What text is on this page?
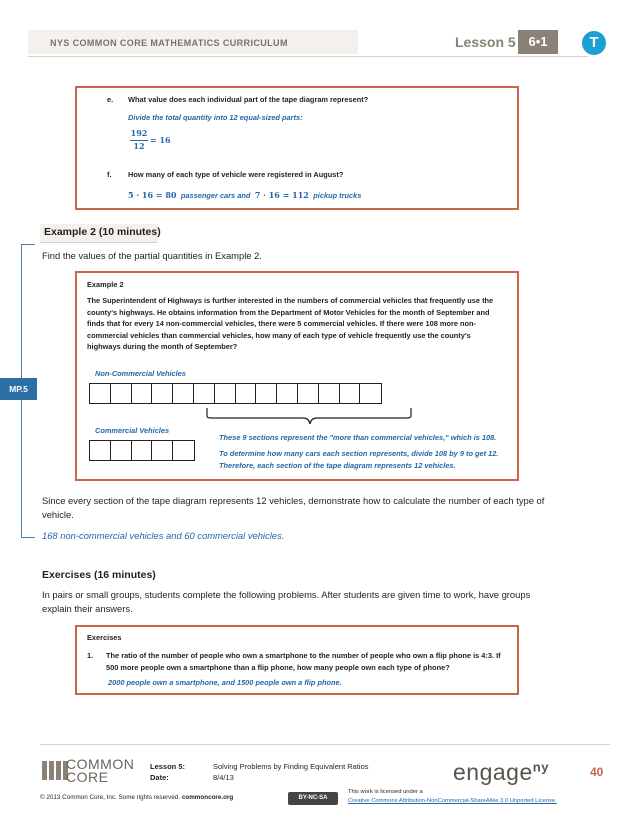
NYS COMMON CORE MATHEMATICS CURRICULUM	Lesson 5 6•1	T
e. What value does each individual part of the tape diagram represent?
Divide the total quantity into 12 equal-sized parts:
192
12
= 16
f. How many of each type of vehicle were registered in August?
5 · 16 = 80 passenger cars and 7 · 16 = 112 pickup trucks
Example 2 (10 minutes)
Find the values of the partial quantities in Example 2.
MP.5
Example 2
The Superintendent of Highways is further interested in the numbers of commercial vehicles that frequently use the county's highways. He obtains information from the Department of Motor Vehicles for the month of September and finds that for every 14 non-commercial vehicles, there were 5 commercial vehicles. If there were 108 more non-commercial vehicles than commercial vehicles, how many of each type of vehicle frequently use the county's highways during the month of September?
Non-Commercial Vehicles
Commercial Vehicles
These 9 sections represent the "more than commercial vehicles," which is 108.
To determine how many cars each section represents, divide 108 by 9 to get 12. Therefore, each section of the tape diagram represents 12 vehicles.
Since every section of the tape diagram represents 12 vehicles, demonstrate how to calculate the number of each type of vehicle.
168 non-commercial vehicles and 60 commercial vehicles.
Exercises (16 minutes)
In pairs or small groups, students complete the following problems. After students are given time to work, have groups explain their answers.
Exercises
1. The ratio of the number of people who own a smartphone to the number of people who own a flip phone is 4:3. If 500 more people own a smartphone than a flip phone, how many people own each type of phone?
2000 people own a smartphone, and 1500 people own a flip phone.
COMMON
CORE
Lesson 5:	Solving Problems by Finding Equivalent Ratios
Date:	8/4/13	engage$^{ny}$	40
© 2013 Common Core, Inc. Some rights reserved. commoncore.org	BY-NC-SA
This work is licensed under a
Creative Commons Attribution-NonCommercial-ShareAlike 3.0 Unported License.
